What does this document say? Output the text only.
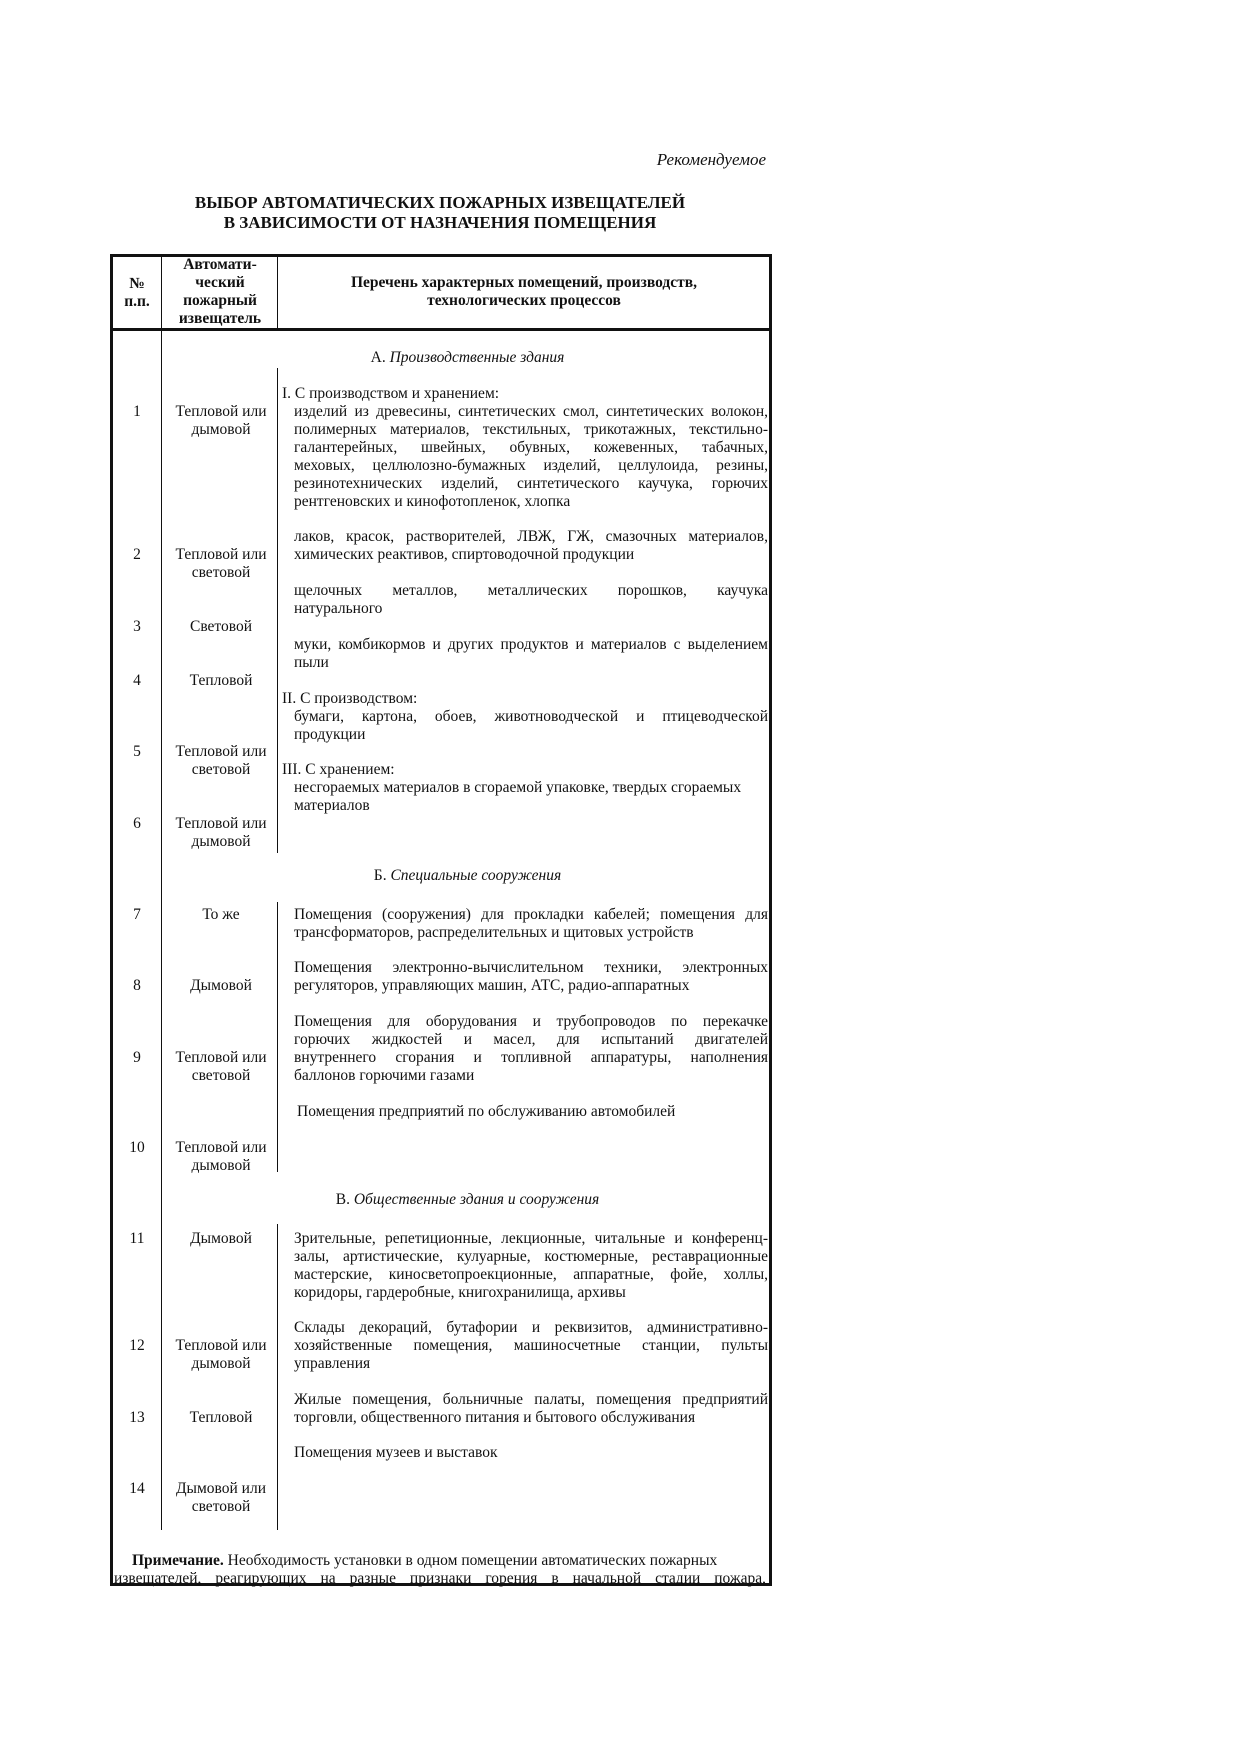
Рекомендуемое
ВЫБОР АВТОМАТИЧЕСКИХ ПОЖАРНЫХ ИЗВЕЩАТЕЛЕЙ
В ЗАВИСИМОСТИ ОТ НАЗНАЧЕНИЯ ПОМЕЩЕНИЯ
№
п.п.
Автомати-
ческий
пожарный
извещатель
Перечень характерных помещений, производств,
технологических процессов
А. Производственные здания
Б. Специальные сооружения
В. Общественные здания и сооружения
1
2
3
4
5
6
7
8
9
10
11
12
13
14
Тепловой или
дымовой
Тепловой или
световой
Световой
Тепловой
Тепловой или
световой
Тепловой или
дымовой
То же
Дымовой
Тепловой или
световой
Тепловой или
дымовой
Дымовой
Тепловой или
дымовой
Тепловой
Дымовой или
световой
I. С производством и хранением:
изделий из древесины, синтетических смол, синтетических волокон,
полимерных материалов, текстильных, трикотажных, текстильно-
галантерейных, швейных, обувных, кожевенных, табачных,
меховых, целлюлозно-бумажных изделий, целлулоида, резины,
резинотехнических изделий, синтетического каучука, горючих
рентгеновских и кинофотопленок, хлопка
лаков, красок, растворителей, ЛВЖ, ГЖ, смазочных материалов,
химических реактивов, спиртоводочной продукции
щелочных металлов, металлических порошков, каучука
натурального
муки, комбикормов и других продуктов и материалов с выделением
пыли
II. С производством:
бумаги, картона, обоев, животноводческой и птицеводческой
продукции
III. С хранением:
несгораемых материалов в сгораемой упаковке, твердых сгораемых
материалов
Помещения (сооружения) для прокладки кабелей; помещения для
трансформаторов, распределительных и щитовых устройств
Помещения электронно-вычислительном техники, электронных
регуляторов, управляющих машин, АТС, радио-аппаратных
Помещения для оборудования и трубопроводов по перекачке
горючих жидкостей и масел, для испытаний двигателей
внутреннего сгорания и топливной аппаратуры, наполнения
баллонов горючими газами
Помещения предприятий по обслуживанию автомобилей
Зрительные, репетиционные, лекционные, читальные и конференц-
залы, артистические, кулуарные, костюмерные, реставрационные
мастерские, киносветопроекционные, аппаратные, фойе, холлы,
коридоры, гардеробные, книгохранилища, архивы
Склады декораций, бутафории и реквизитов, административно-
хозяйственные помещения, машиносчетные станции, пульты
управления
Жилые помещения, больничные палаты, помещения предприятий
торговли, общественного питания и бытового обслуживания
Помещения музеев и выставок
Примечание. Необходимость установки в одном помещении автоматических пожарных
извещателей, реагирующих на разные признаки горения в начальной стадии пожара,
